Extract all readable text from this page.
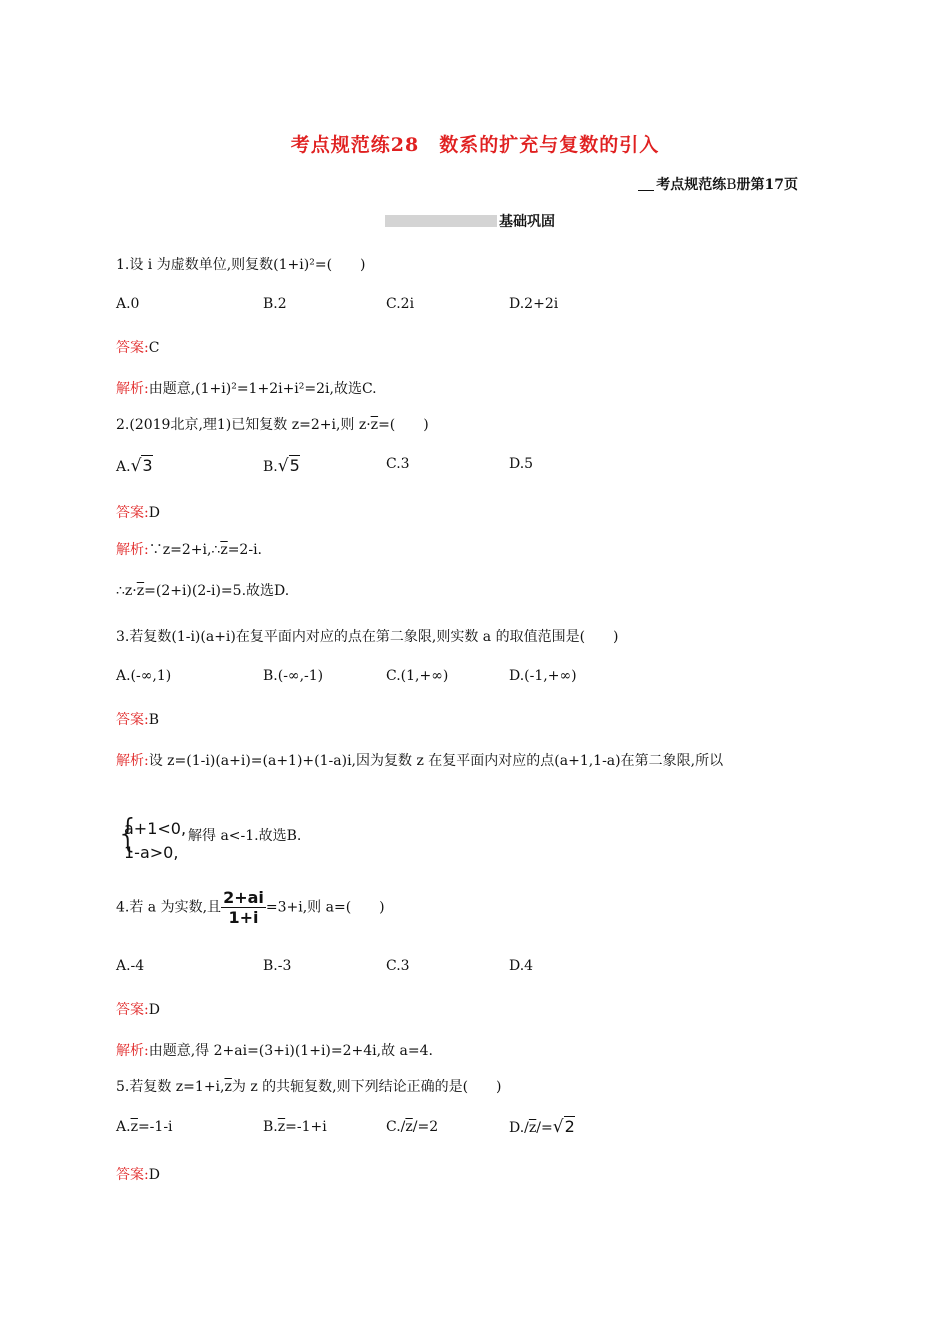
考点规范练28　数系的扩充与复数的引入
考点规范练B册第17页
基础巩固
1.设 i 为虚数单位,则复数(1+i)²=(　　)
A.0	B.2	C.2i	D.2+2i
答案:C
解析:由题意,(1+i)²=1+2i+i²=2i,故选C.
2.(2019北京,理1)已知复数 z=2+i,则 $z\cdot\overline{z}=$(　　)
A.√3	B.√5	C.3	D.5
答案:D
解析$:\because z=2+i,\therefore\overline{z}=2-i$.
$\therefore z\cdot\overline{z}=(2+i)(2-i)=5$.故选D.
3.若复数(1-i)(a+i)在复平面内对应的点在第二象限,则实数 a 的取值范围是(　　)
A.(-∞,1)	B.(-∞,-1)	C.(1,+∞)	D.(-1,+∞)
答案:B
解析:设 z=(1-i)(a+i)=(a+1)+(1-a)i,因为复数 z 在复平面内对应的点(a+1,1-a)在第二象限,所以
{
a+1<0,
1-a>0,
解得 a<-1.故选B.
4.若 a 为实数,且 $\frac{2+ai}{1+i} =3+i$,则 a=(　　)
A.-4	B.-3	C.3	D.4
答案:D
解析:由题意,得 2+ai=(3+i)(1+i)=2+4i,故 a=4.
5.若复数 $z=1+i,\overline{z}$为 z 的共轭复数,则下列结论正确的是(　　)
$A.\overline{z}=-1-i$	$B.\overline{z}=-1+i$	$C./\overline{z}/=2$	$D./\overline{z}/=√2$
答案:D
